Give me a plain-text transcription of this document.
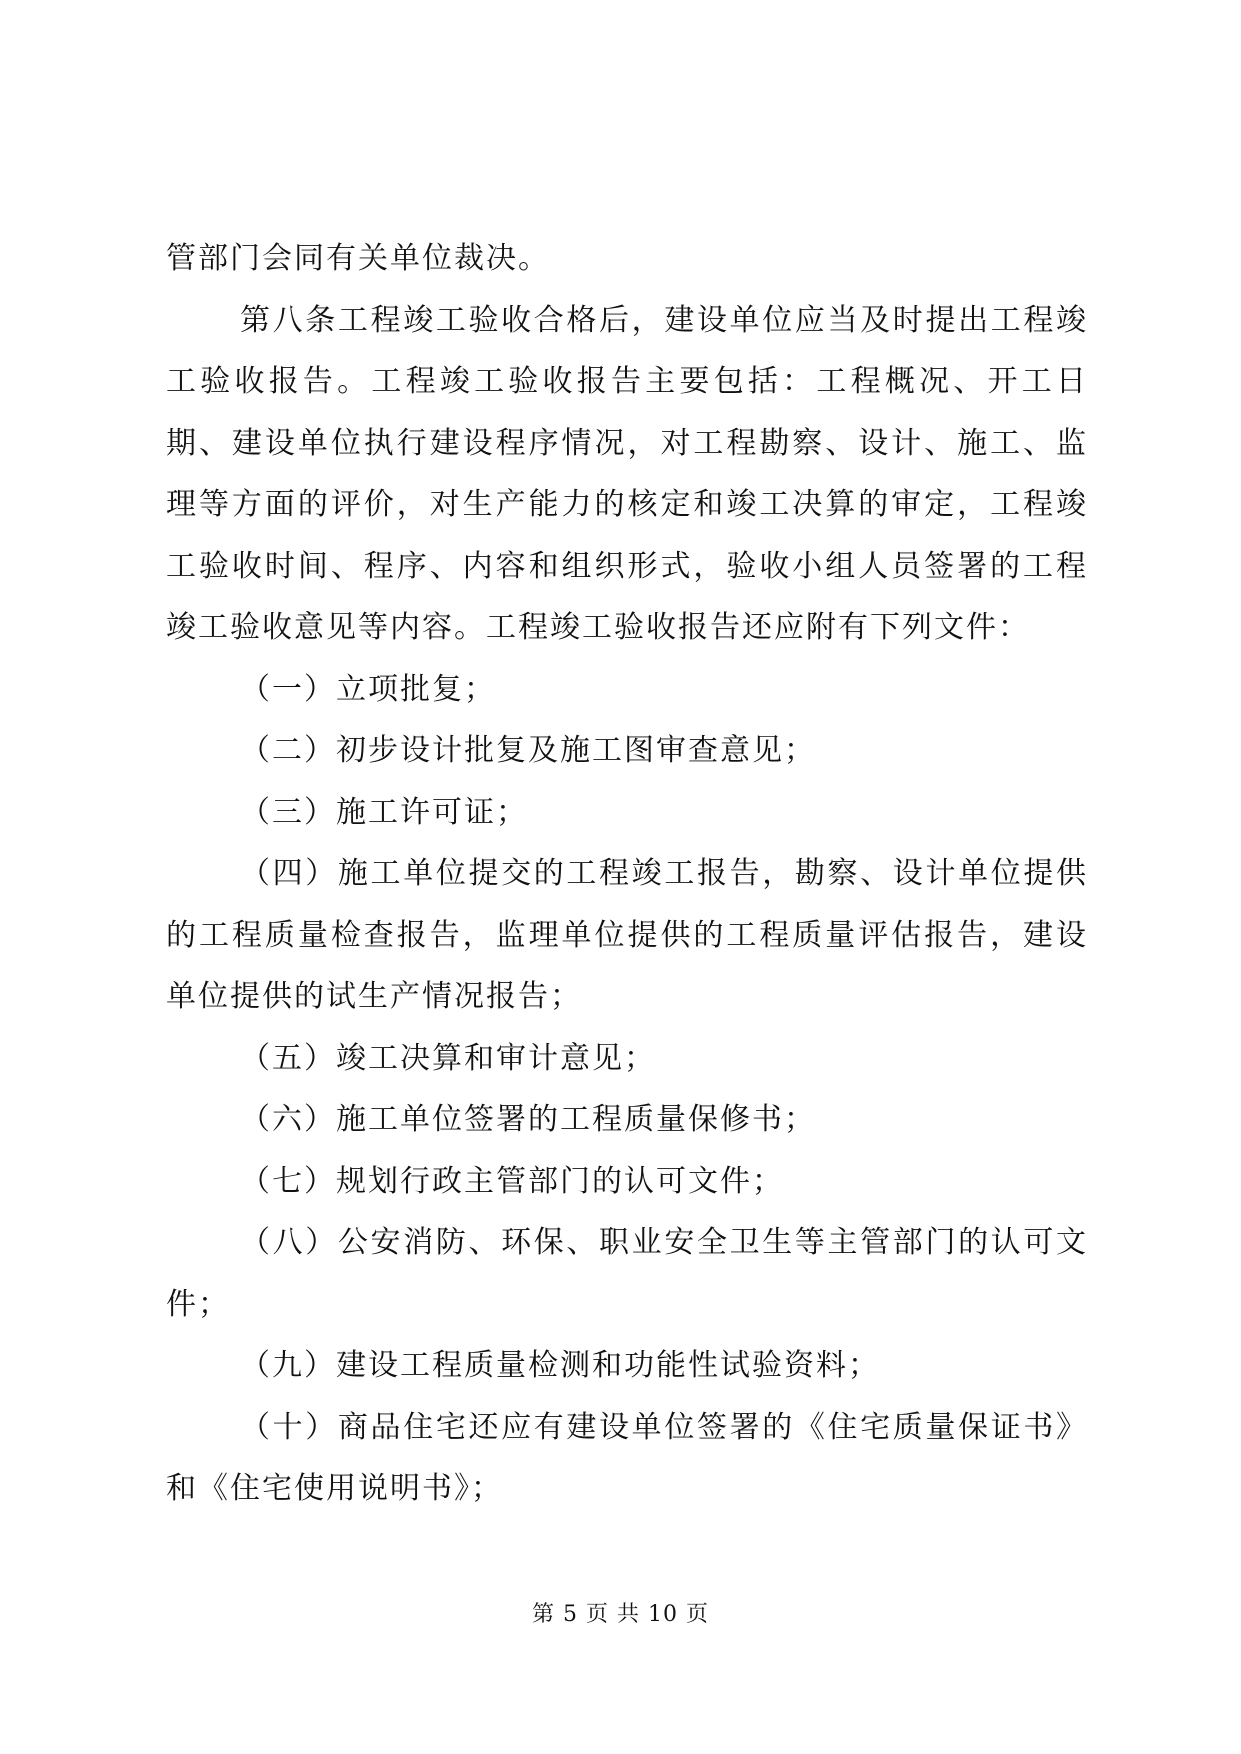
管部门会同有关单位裁决。

第八条工程竣工验收合格后，建设单位应当及时提出工程竣工验收报告。工程竣工验收报告主要包括：工程概况、开工日期、建设单位执行建设程序情况，对工程勘察、设计、施工、监理等方面的评价，对生产能力的核定和竣工决算的审定，工程竣工验收时间、程序、内容和组织形式，验收小组人员签署的工程竣工验收意见等内容。工程竣工验收报告还应附有下列文件：

（一）立项批复；

（二）初步设计批复及施工图审查意见；

（三）施工许可证；

（四）施工单位提交的工程竣工报告，勘察、设计单位提供的工程质量检查报告，监理单位提供的工程质量评估报告，建设单位提供的试生产情况报告；

（五）竣工决算和审计意见；

（六）施工单位签署的工程质量保修书；

（七）规划行政主管部门的认可文件；

（八）公安消防、环保、职业安全卫生等主管部门的认可文件；

（九）建设工程质量检测和功能性试验资料；

（十）商品住宅还应有建设单位签署的《住宅质量保证书》和《住宅使用说明书》；

第 5 页 共 10 页
